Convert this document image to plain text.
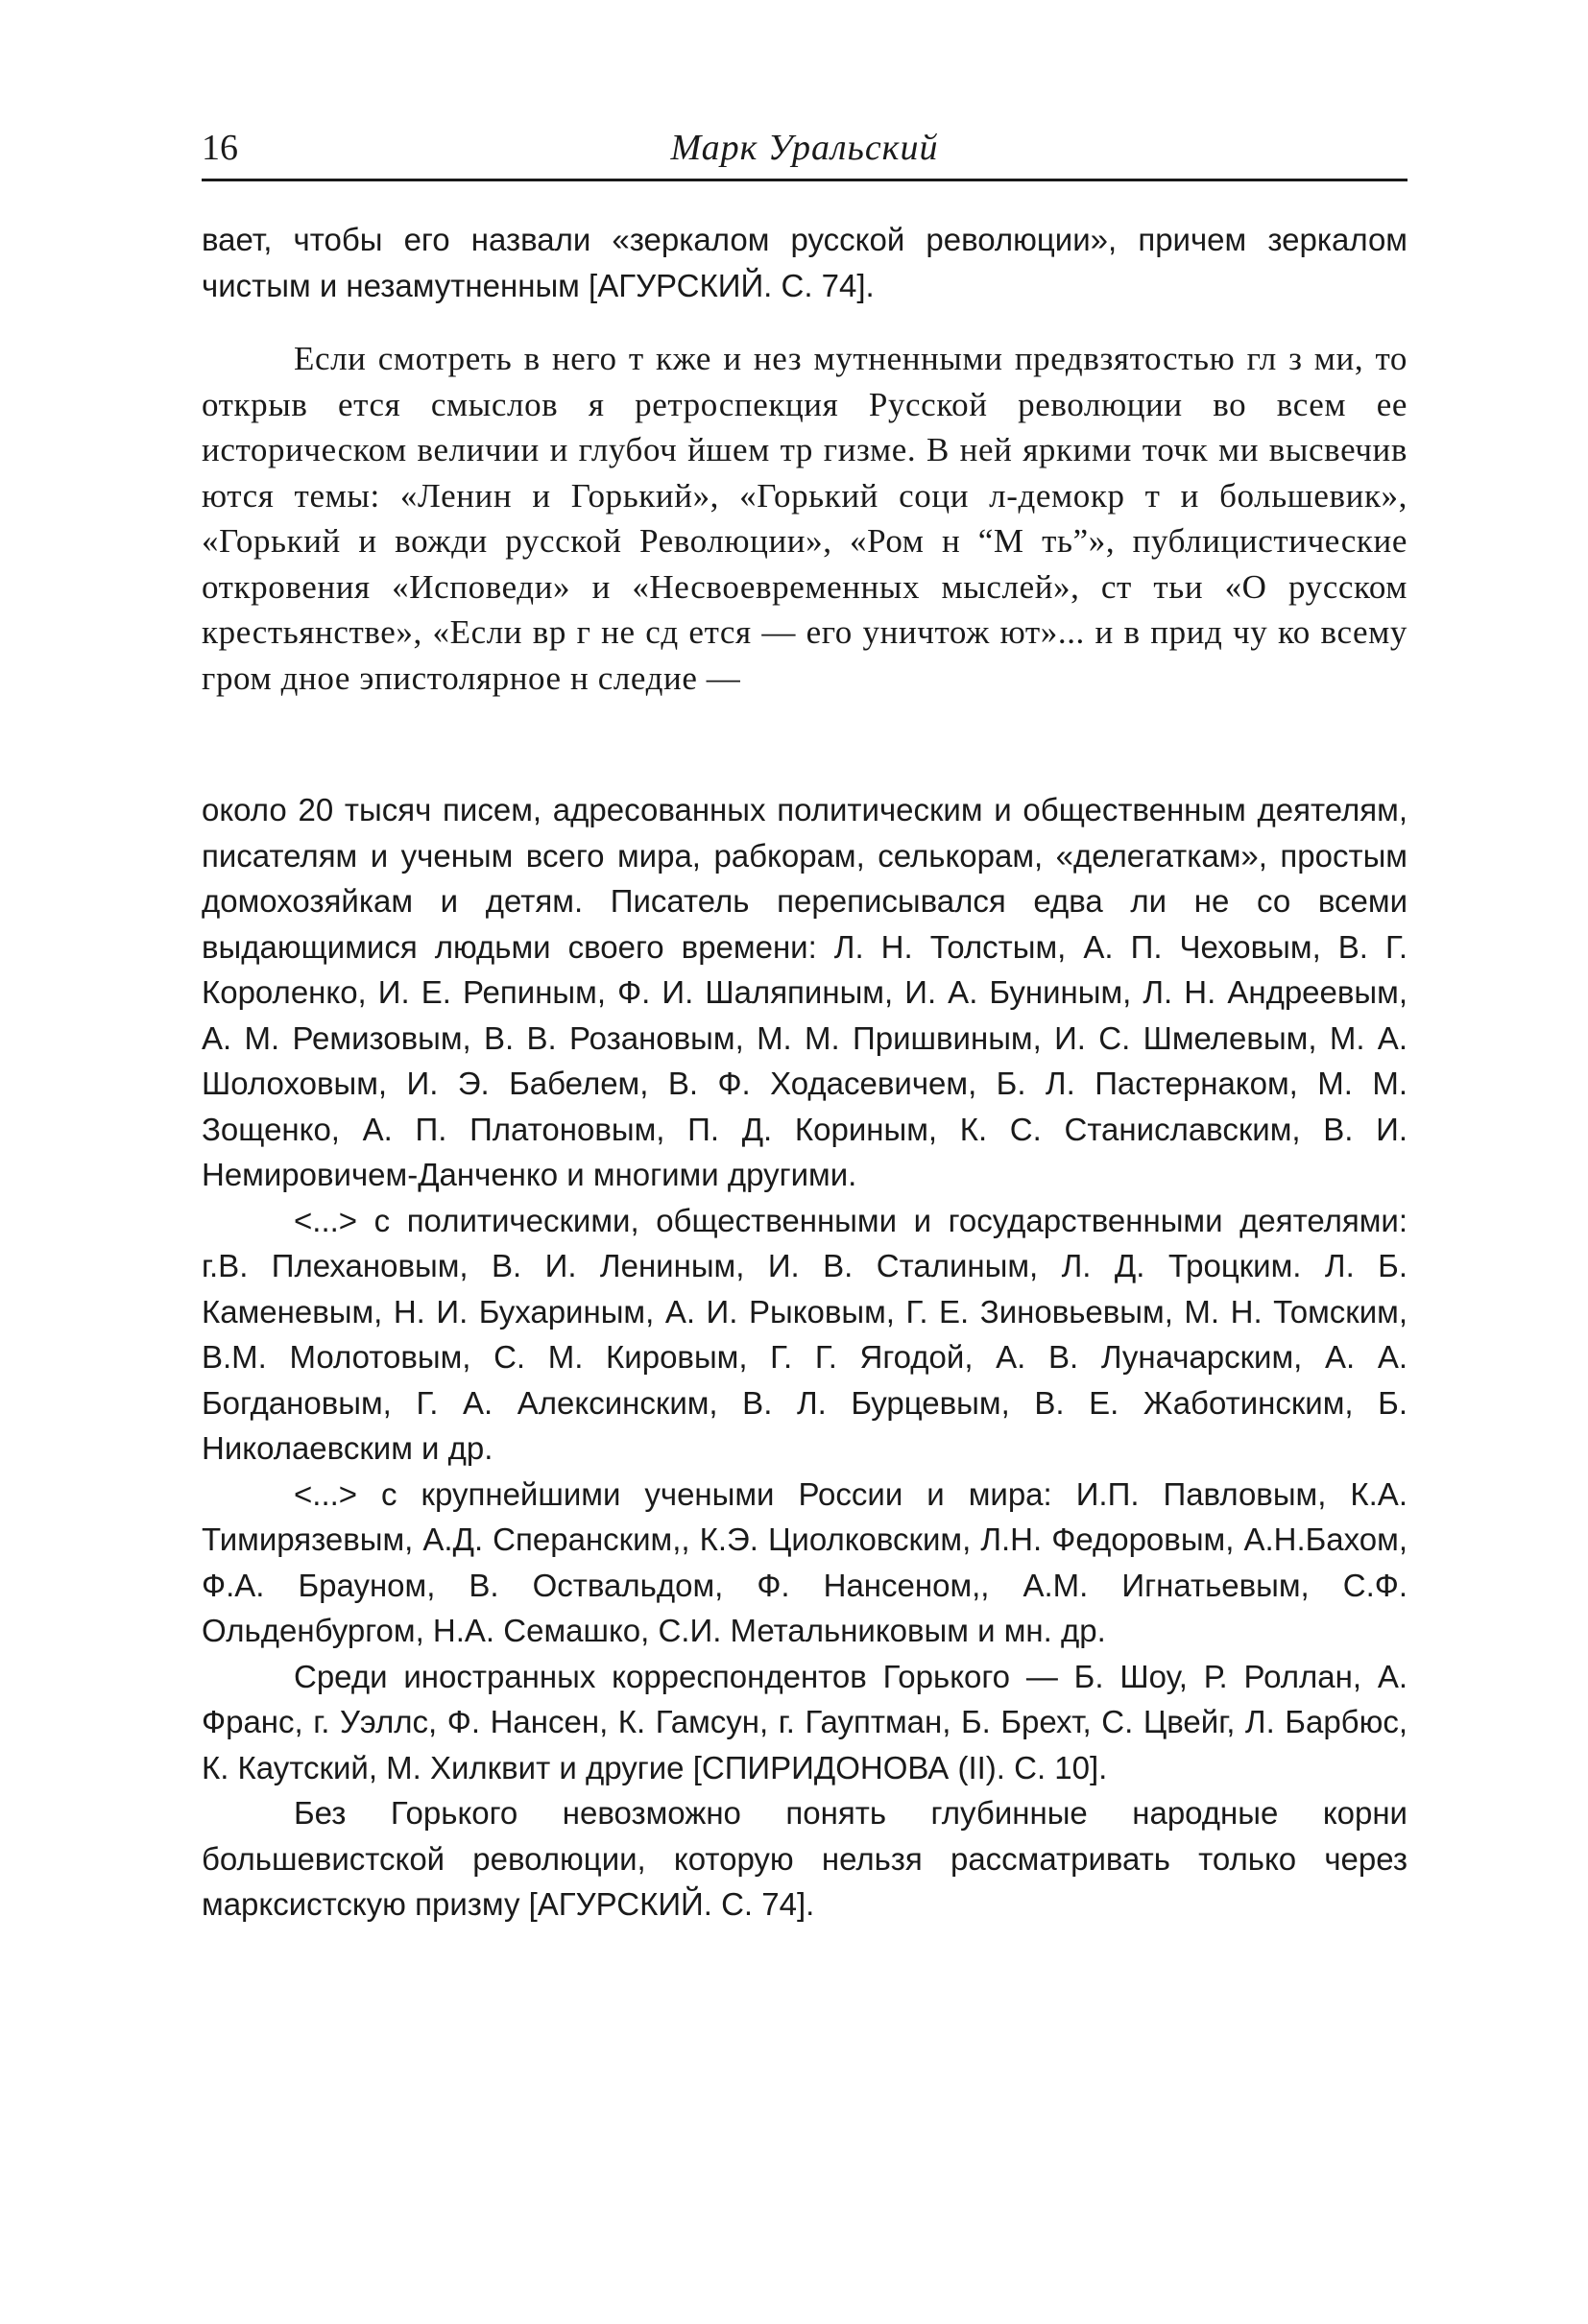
16	Марк Уральский

вает, чтобы его назвали «зеркалом русской революции», причем зеркалом чистым и незамутненным [АГУРСКИЙ. С. 74].

Если смотреть в него т кже и нез мутненными предвзятостью гл з ми, то открыв ется смыслов я ретроспекция Русской революции во всем ее историческом величии и глубоч йшем тр гизме. В ней яркими точк ми высвечив ются темы: «Ленин и Горький», «Горький соци л-демокр т и большевик», «Горький и вожди русской Революции», «Ром н “М ть”», публицистические откровения «Исповеди» и «Несвоевременных мыслей», ст тьи «О русском крестьянстве», «Если вр г не сд ется — его уничтож ют»... и в прид чу ко всему гром дное эпистолярное н следие —

около 20 тысяч писем, адресованных политическим и общественным деятелям, писателям и ученым всего мира, рабкорам, селькорам, «делегаткам», простым домохозяйкам и детям. Писатель переписывался едва ли не со всеми выдающимися людьми своего времени: Л. Н. Толстым, А. П. Чеховым, В. Г. Короленко, И. Е. Репиным, Ф. И. Шаляпиным, И. А. Буниным, Л. Н. Андреевым, А. М. Ремизовым, В. В. Розановым, М. М. Пришвиным, И. С. Шмелевым, М. А. Шолоховым, И. Э. Бабелем, В. Ф. Ходасевичем, Б. Л. Пастернаком, М. М. Зощенко, А. П. Платоновым, П. Д. Кориным, К. С. Станиславским, В. И. Немировичем-Данченко и многими другими.

<...> с политическими, общественными и государственными деятелями: г.В. Плехановым, В. И. Лениным, И. В. Сталиным, Л. Д. Троцким. Л. Б. Каменевым, Н. И. Бухариным, А. И. Рыковым, Г. Е. Зиновьевым, М. Н. Томским, В.М. Молотовым, С. М. Кировым, Г. Г. Ягодой, А. В. Луначарским, А. А. Богдановым, Г. А. Алексинским, В. Л. Бурцевым, В. Е. Жаботинским, Б. Николаевским и др.

<...> с крупнейшими учеными России и мира: И.П. Павловым, К.А. Тимирязевым, А.Д. Сперанским,, К.Э. Циолковским, Л.Н. Федоровым, А.Н.Бахом, Ф.А. Брауном, В. Оствальдом, Ф. Нансеном,, А.М. Игнатьевым, С.Ф. Ольденбургом, Н.А. Семашко, С.И. Метальниковым и мн. др.

Среди иностранных корреспондентов Горького — Б. Шоу, Р. Роллан, А. Франс, г. Уэллс, Ф. Нансен, К. Гамсун, г. Гауптман, Б. Брехт, С. Цвейг, Л. Барбюс, К. Каутский, М. Хилквит и другие [СПИРИДОНОВА (II). С. 10].

Без Горького невозможно понять глубинные народные корни большевистской революции, которую нельзя рассматривать только через марксистскую призму [АГУРСКИЙ. С. 74].
